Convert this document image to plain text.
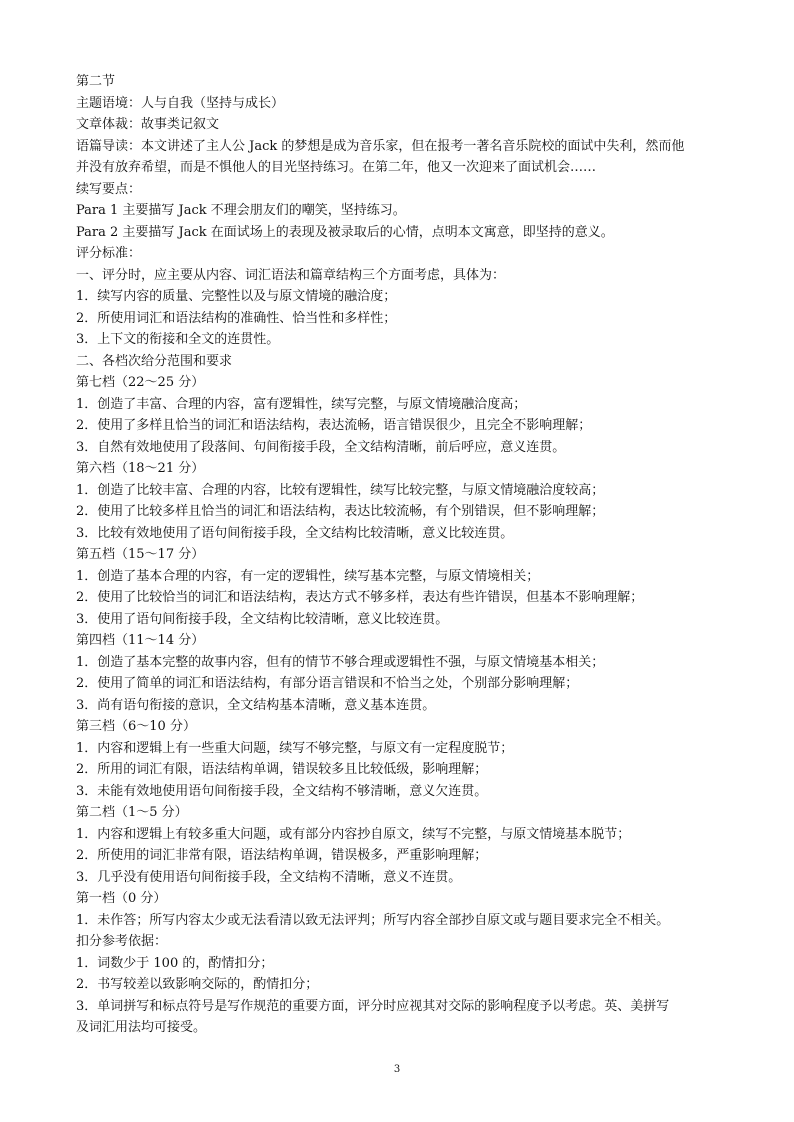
第二节

主题语境：人与自我（坚持与成长）

文章体裁：故事类记叙文

语篇导读：本文讲述了主人公 Jack 的梦想是成为音乐家，但在报考一著名音乐院校的面试中失利，然而他

并没有放弃希望，而是不惧他人的目光坚持练习。在第二年，他又一次迎来了面试机会……

续写要点：

Para 1 主要描写 Jack 不理会朋友们的嘲笑，坚持练习。

Para 2 主要描写 Jack 在面试场上的表现及被录取后的心情，点明本文寓意，即坚持的意义。

评分标准：

一、评分时，应主要从内容、词汇语法和篇章结构三个方面考虑，具体为：

1．续写内容的质量、完整性以及与原文情境的融洽度；

2．所使用词汇和语法结构的准确性、恰当性和多样性；

3．上下文的衔接和全文的连贯性。

二、各档次给分范围和要求

第七档（22～25 分）

1．创造了丰富、合理的内容，富有逻辑性，续写完整，与原文情境融洽度高；

2．使用了多样且恰当的词汇和语法结构，表达流畅，语言错误很少，且完全不影响理解；

3．自然有效地使用了段落间、句间衔接手段，全文结构清晰，前后呼应，意义连贯。

第六档（18～21 分）

1．创造了比较丰富、合理的内容，比较有逻辑性，续写比较完整，与原文情境融洽度较高；

2．使用了比较多样且恰当的词汇和语法结构，表达比较流畅，有个别错误，但不影响理解；

3．比较有效地使用了语句间衔接手段，全文结构比较清晰，意义比较连贯。

第五档（15～17 分）

1．创造了基本合理的内容，有一定的逻辑性，续写基本完整，与原文情境相关；

2．使用了比较恰当的词汇和语法结构，表达方式不够多样，表达有些许错误，但基本不影响理解；

3．使用了语句间衔接手段，全文结构比较清晰，意义比较连贯。

第四档（11～14 分）

1．创造了基本完整的故事内容，但有的情节不够合理或逻辑性不强，与原文情境基本相关；

2．使用了简单的词汇和语法结构，有部分语言错误和不恰当之处，个别部分影响理解；

3．尚有语句衔接的意识，全文结构基本清晰，意义基本连贯。

第三档（6～10 分）

1．内容和逻辑上有一些重大问题，续写不够完整，与原文有一定程度脱节；

2．所用的词汇有限，语法结构单调，错误较多且比较低级，影响理解；

3．未能有效地使用语句间衔接手段，全文结构不够清晰，意义欠连贯。

第二档（1～5 分）

1．内容和逻辑上有较多重大问题，或有部分内容抄自原文，续写不完整，与原文情境基本脱节；

2．所使用的词汇非常有限，语法结构单调，错误极多，严重影响理解；

3．几乎没有使用语句间衔接手段，全文结构不清晰，意义不连贯。

第一档（0 分）

1．未作答；所写内容太少或无法看清以致无法评判；所写内容全部抄自原文或与题目要求完全不相关。

扣分参考依据：

1．词数少于 100 的，酌情扣分；

2．书写较差以致影响交际的，酌情扣分；

3．单词拼写和标点符号是写作规范的重要方面，评分时应视其对交际的影响程度予以考虑。英、美拼写

及词汇用法均可接受。

3
